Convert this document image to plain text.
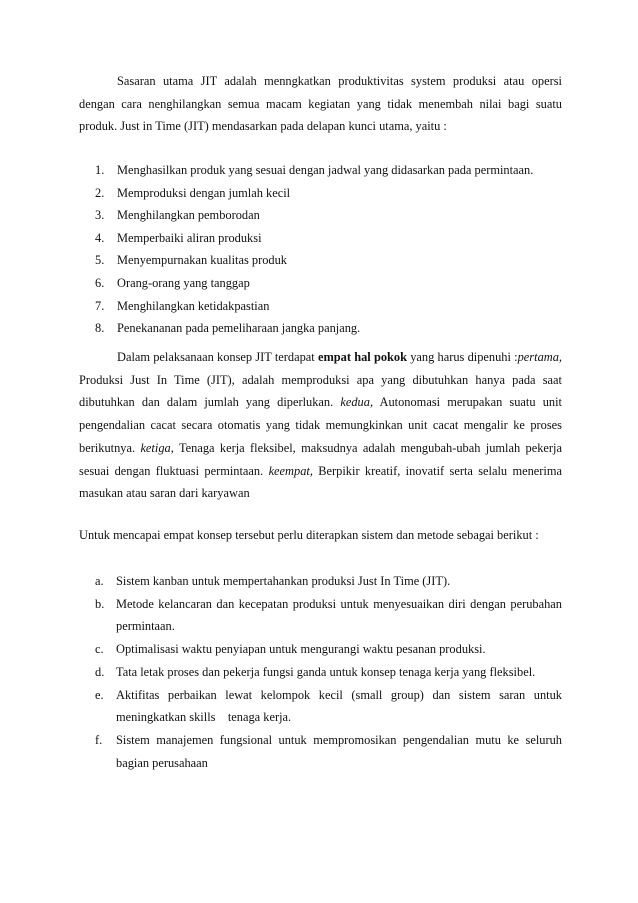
Sasaran utama JIT adalah menngkatkan produktivitas system produksi atau opersi dengan cara nenghilangkan semua macam kegiatan yang tidak menembah nilai bagi suatu produk. Just in Time (JIT) mendasarkan pada delapan kunci utama, yaitu :

1. Menghasilkan produk yang sesuai dengan jadwal yang didasarkan pada permintaan.
2. Memproduksi dengan jumlah kecil
3. Menghilangkan pemborodan
4. Memperbaiki aliran produksi
5. Menyempurnakan kualitas produk
6. Orang-orang yang tanggap
7. Menghilangkan ketidakpastian
8. Penekananan pada pemeliharaan jangka panjang.

Dalam pelaksanaan konsep JIT terdapat empat hal pokok yang harus dipenuhi :pertama, Produksi Just In Time (JIT), adalah memproduksi apa yang dibutuhkan hanya pada saat dibutuhkan dan dalam jumlah yang diperlukan. kedua, Autonomasi merupakan suatu unit pengendalian cacat secara otomatis yang tidak memungkinkan unit cacat mengalir ke proses berikutnya. ketiga, Tenaga kerja fleksibel, maksudnya adalah mengubah-ubah jumlah pekerja sesuai dengan fluktuasi permintaan. keempat, Berpikir kreatif, inovatif serta selalu menerima masukan atau saran dari karyawan

Untuk mencapai empat konsep tersebut perlu diterapkan sistem dan metode sebagai berikut :

a. Sistem kanban untuk mempertahankan produksi Just In Time (JIT).
b. Metode kelancaran dan kecepatan produksi untuk menyesuaikan diri dengan perubahan permintaan.
c. Optimalisasi waktu penyiapan untuk mengurangi waktu pesanan produksi.
d. Tata letak proses dan pekerja fungsi ganda untuk konsep tenaga kerja yang fleksibel.
e. Aktifitas perbaikan lewat kelompok kecil (small group) dan sistem saran untuk meningkatkan skills    tenaga kerja.
f. Sistem manajemen fungsional untuk mempromosikan pengendalian mutu ke seluruh bagian perusahaan
